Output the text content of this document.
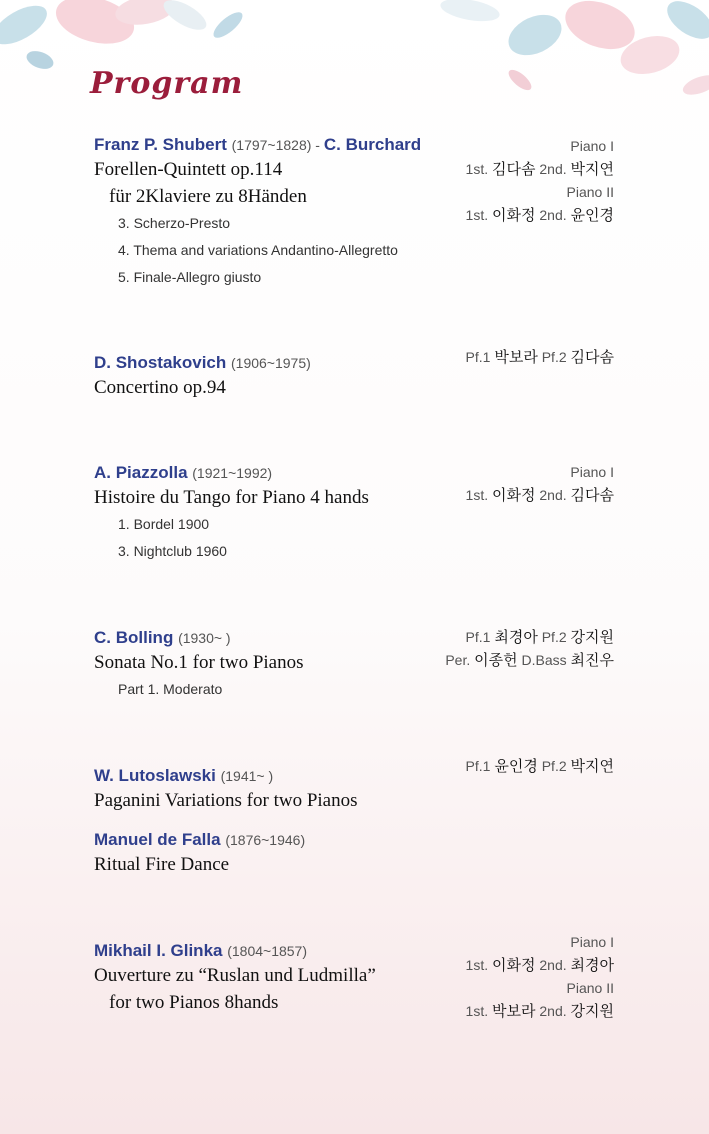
Program
Franz P. Shubert (1797~1828) - C. Burchard
Forellen-Quintett op.114
für 2Klaviere zu 8Händen
3. Scherzo-Presto
4. Thema and variations Andantino-Allegretto
5. Finale-Allegro giusto
Piano I
1st. 김다솜 2nd. 박지연
Piano II
1st. 이화정 2nd. 윤인경
D. Shostakovich (1906~1975)
Concertino op.94
Pf.1 박보라 Pf.2 김다솜
A. Piazzolla (1921~1992)
Histoire du Tango for Piano 4 hands
1. Bordel 1900
3. Nightclub 1960
Piano I
1st. 이화정 2nd. 김다솜
C. Bolling (1930~ )
Sonata No.1 for two Pianos
Part 1. Moderato
Pf.1 최경아 Pf.2 강지원
Per. 이종헌 D.Bass 최진우
W. Lutoslawski (1941~ )
Paganini Variations for two Pianos
Pf.1 윤인경 Pf.2 박지연
Manuel de Falla (1876~1946)
Ritual Fire Dance
Mikhail I. Glinka (1804~1857)
Ouverture zu “Ruslan und Ludmilla”
for two Pianos 8hands
Piano I
1st. 이화정 2nd. 최경아
Piano II
1st. 박보라 2nd. 강지원
